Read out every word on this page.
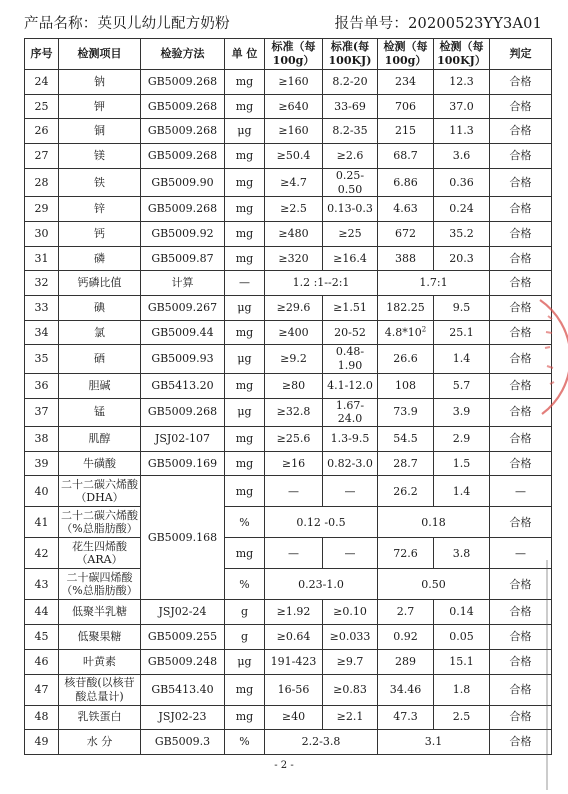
产品名称：英贝儿幼儿配方奶粉	报告单号：20200523YY3A01
序号	检测项目	检验方法	单 位	标准（每100g）	标准(每100KJ)	检测（每100g）	检测（每100KJ）	判定
24	钠	GB5009.268	mg	≥160	8.2-20	234	12.3	合格
25	钾	GB5009.268	mg	≥640	33-69	706	37.0	合格
26	铜	GB5009.268	μg	≥160	8.2-35	215	11.3	合格
27	镁	GB5009.268	mg	≥50.4	≥2.6	68.7	3.6	合格
28	铁	GB5009.90	mg	≥4.7	0.25-0.50	6.86	0.36	合格
29	锌	GB5009.268	mg	≥2.5	0.13-0.3	4.63	0.24	合格
30	钙	GB5009.92	mg	≥480	≥25	672	35.2	合格
31	磷	GB5009.87	mg	≥320	≥16.4	388	20.3	合格
32	钙磷比值	计算	—	1.2 :1--2:1		1.7:1		合格
33	碘	GB5009.267	μg	≥29.6	≥1.51	182.25	9.5	合格
34	氯	GB5009.44	mg	≥400	20-52	$4.8*10^2$	25.1	合格
35	硒	GB5009.93	μg	≥9.2	0.48-1.90	26.6	1.4	合格
36	胆碱	GB5413.20	mg	≥80	4.1-12.0	108	5.7	合格
37	锰	GB5009.268	μg	≥32.8	1.67-24.0	73.9	3.9	合格
38	肌醇	JSJ02-107	mg	≥25.6	1.3-9.5	54.5	2.9	合格
39	牛磺酸	GB5009.169	mg	≥16	0.82-3.0	28.7	1.5	合格
40	二十二碳六烯酸（DHA）	GB5009.168	mg	—	—	26.2	1.4	—
41	二十二碳六烯酸（%总脂肪酸）		%	0.12 -0.5		0.18		合格
42	花生四烯酸（ARA）		mg	—	—	72.6	3.8	—
43	二十碳四烯酸（%总脂肪酸）		%	0.23-1.0		0.50		合格
44	低聚半乳糖	JSJ02-24	g	≥1.92	≥0.10	2.7	0.14	合格
45	低聚果糖	GB5009.255	g	≥0.64	≥0.033	0.92	0.05	合格
46	叶黄素	GB5009.248	μg	191-423	≥9.7	289	15.1	合格
47	核苷酸(以核苷酸总量计)	GB5413.40	mg	16-56	≥0.83	34.46	1.8	合格
48	乳铁蛋白	JSJ02-23	mg	≥40	≥2.1	47.3	2.5	合格
49	水 分	GB5009.3	%	2.2-3.8		3.1		合格
- 2 -
